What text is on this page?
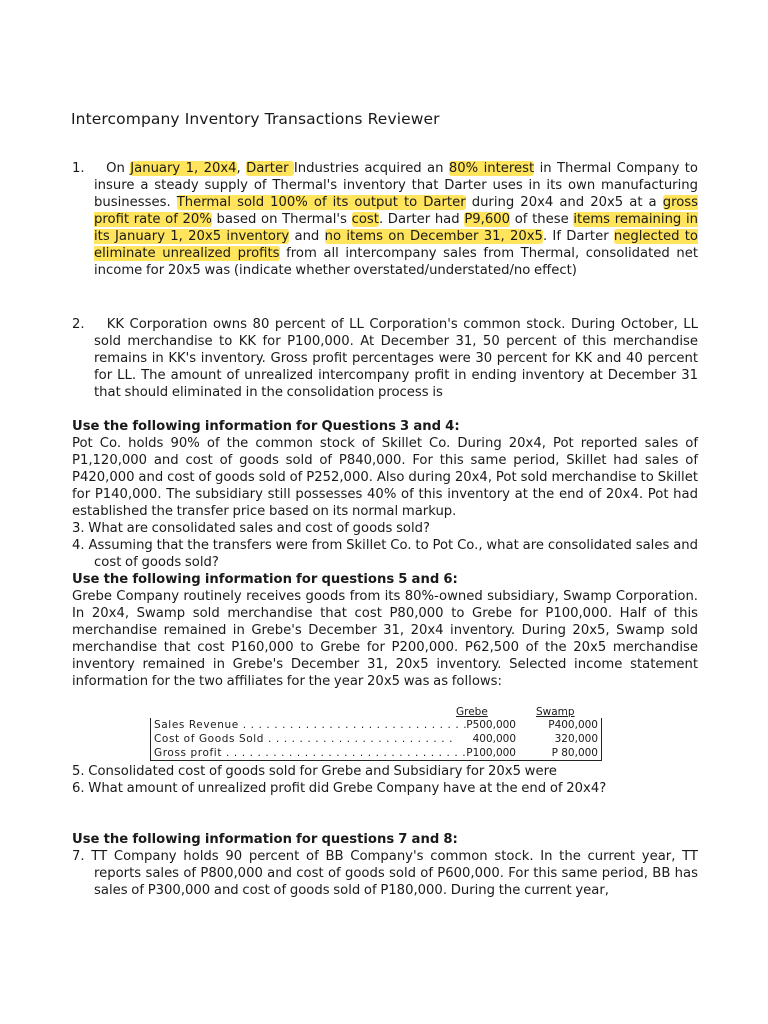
Intercompany Inventory Transactions Reviewer

1. On January 1, 20x4, Darter Industries acquired an 80% interest in Thermal Company to insure a steady supply of Thermal's inventory that Darter uses in its own manufacturing businesses. Thermal sold 100% of its output to Darter during 20x4 and 20x5 at a gross profit rate of 20% based on Thermal's cost. Darter had P9,600 of these items remaining in its January 1, 20x5 inventory and no items on December 31, 20x5. If Darter neglected to eliminate unrealized profits from all intercompany sales from Thermal, consolidated net income for 20x5 was (indicate whether overstated/understated/no effect)

2. KK Corporation owns 80 percent of LL Corporation's common stock. During October, LL sold merchandise to KK for P100,000. At December 31, 50 percent of this merchandise remains in KK's inventory. Gross profit percentages were 30 percent for KK and 40 percent for LL. The amount of unrealized intercompany profit in ending inventory at December 31 that should eliminated in the consolidation process is

Use the following information for Questions 3 and 4:

Pot Co. holds 90% of the common stock of Skillet Co. During 20x4, Pot reported sales of P1,120,000 and cost of goods sold of P840,000. For this same period, Skillet had sales of P420,000 and cost of goods sold of P252,000. Also during 20x4, Pot sold merchandise to Skillet for P140,000. The subsidiary still possesses 40% of this inventory at the end of 20x4. Pot had established the transfer price based on its normal markup.

3. What are consolidated sales and cost of goods sold?

4. Assuming that the transfers were from Skillet Co. to Pot Co., what are consolidated sales and cost of goods sold?

Use the following information for questions 5 and 6:

Grebe Company routinely receives goods from its 80%-owned subsidiary, Swamp Corporation. In 20x4, Swamp sold merchandise that cost P80,000 to Grebe for P100,000. Half of this merchandise remained in Grebe's December 31, 20x4 inventory. During 20x5, Swamp sold merchandise that cost P160,000 to Grebe for P200,000. P62,500 of the 20x5 merchandise inventory remained in Grebe's December 31, 20x5 inventory. Selected income statement information for the two affiliates for the year 20x5 was as follows:

Grebe	Swamp
Sales Revenue . . . . . . . . . . . . . . . . . . . . . . . . . . . . . P500,000	P400,000
Cost of Goods Sold . . . . . . . . . . . . . . . . . . . . . . . .	400,000	320,000
Gross profit . . . . . . . . . . . . . . . . . . . . . . . . . . . . . . . P100,000	P 80,000

5. Consolidated cost of goods sold for Grebe and Subsidiary for 20x5 were

6. What amount of unrealized profit did Grebe Company have at the end of 20x4?

Use the following information for questions 7 and 8:

7. TT Company holds 90 percent of BB Company's common stock. In the current year, TT reports sales of P800,000 and cost of goods sold of P600,000. For this same period, BB has sales of P300,000 and cost of goods sold of P180,000. During the current year,
